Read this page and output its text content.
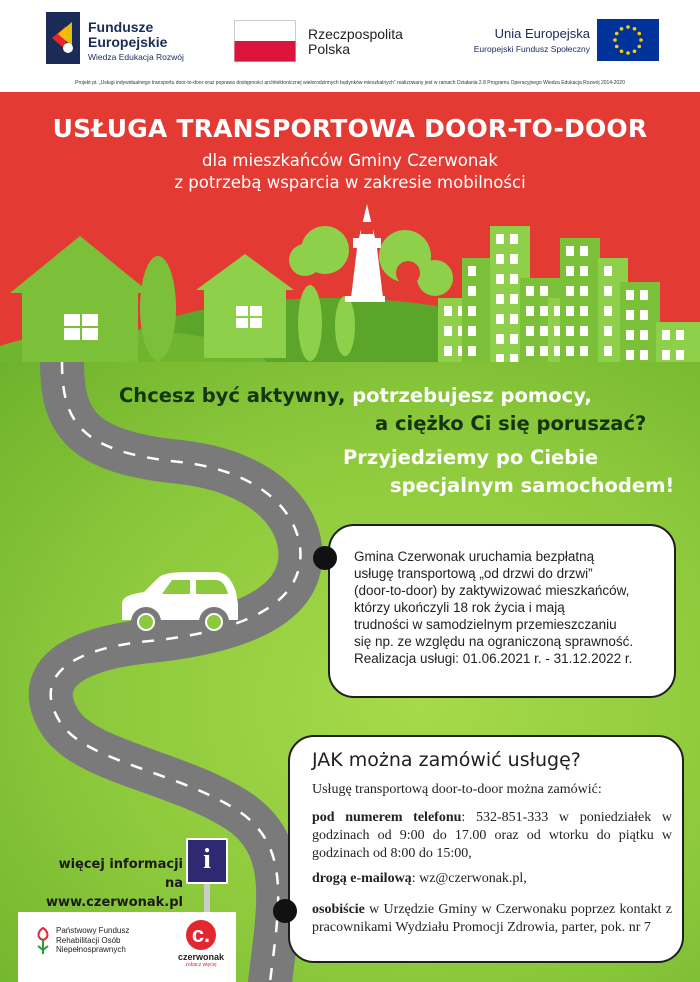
Fundusze
Europejskie
Wiedza Edukacja Rozwój
Rzeczpospolita
Polska
Unia Europejska
Europejski Fundusz Społeczny
Projekt pt. „Usługi indywidualnego transportu door-to-door oraz poprawa dostępności architektonicznej wielorodzinnych budynków mieszkalnych” realizowany jest w ramach Działania 2.8 Programu Operacyjnego Wiedza Edukacja Rozwój 2014-2020
USŁUGA TRANSPORTOWA DOOR-TO-DOOR
dla mieszkańców Gminy Czerwonak
z potrzebą wsparcia w zakresie mobilności
Chcesz być aktywny, potrzebujesz pomocy,
a ciężko Ci się poruszać?
Przyjedziemy po Ciebie
specjalnym samochodem!
Gmina Czerwonak uruchamia bezpłatną
usługę transportową „od drzwi do drzwi”
(door-to-door) by zaktywizować mieszkańców,
którzy ukończyli 18 rok życia i mają
trudności w samodzielnym przemieszczaniu
się np. ze względu na ograniczoną sprawność.
Realizacja usługi: 01.06.2021 r. - 31.12.2022 r.
JAK można zamówić usługę?
Usługę transportową door-to-door można zamówić:
pod numerem telefonu: 532-851-333 w poniedziałek w godzinach od 9:00 do 17.00 oraz od wtorku do piątku w godzinach od 8:00 do 15:00,
drogą e-mailową: wz@czerwonak.pl,
osobiście w Urzędzie Gminy w Czerwonaku poprzez kontakt z pracownikami Wydziału Promocji Zdrowia, parter, pok. nr 7
więcej informacji na
www.czerwonak.pl
i
Państwowy Fundusz
Rehabilitacji Osób
Niepełnosprawnych
c.
czerwonak
zobacz więcej
